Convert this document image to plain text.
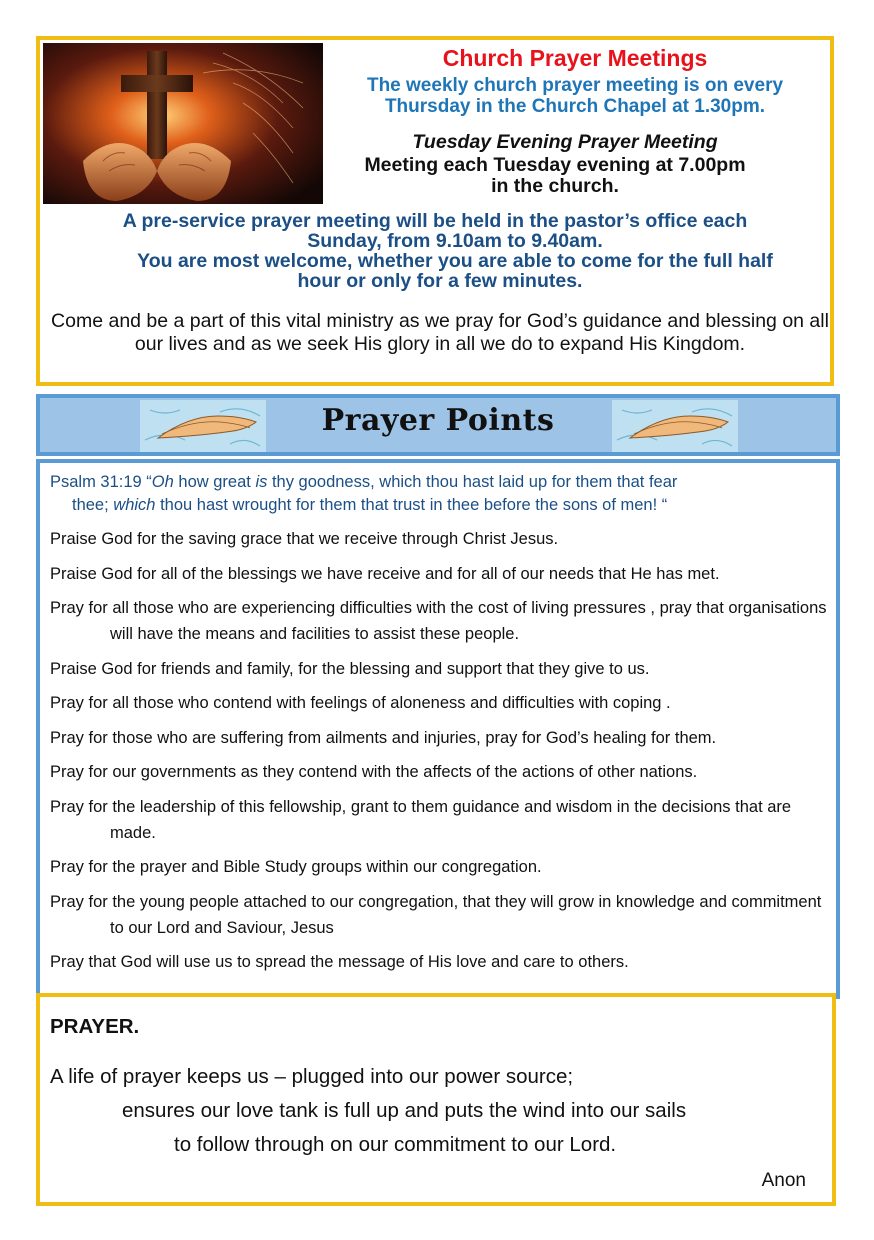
Church Prayer Meetings

The weekly church prayer meeting is on every Thursday in the Church Chapel at 1.30pm.

Tuesday Evening Prayer Meeting

Meeting each Tuesday evening at 7.00pm
in the church.
A pre-service prayer meeting will be held in the pastor’s office each
Sunday, from 9.10am to 9.40am.
You are most welcome, whether you are able to come for the full half
hour or only for a few minutes.

Come and be a part of this vital ministry as we pray for God’s guidance and blessing on all our lives and as we seek His glory in all we do to expand His Kingdom.

Prayer Points

Psalm 31:19 “Oh how great is thy goodness, which thou hast laid up for them that fear
thee; which thou hast wrought for them that trust in thee before the sons of men! “

Praise God for the saving grace that we receive through Christ Jesus.
Praise God for all of the blessings we have receive and for all of our needs that He has met.
Pray for all those who are experiencing difficulties with the cost of living pressures , pray that organisations will have the means and facilities to assist these people.
Praise God for friends and family, for the blessing and support that they give to us.
Pray for all those who contend with feelings of aloneness and difficulties with coping .
Pray for those who are suffering from ailments and injuries, pray for God’s healing for them.
Pray for our governments as they contend with the affects of the actions of other nations.
Pray for the leadership of this fellowship, grant to them guidance and wisdom in the decisions that are made.
Pray for the prayer and Bible Study groups within our congregation.
Pray for the young people attached to our congregation, that they will grow in knowledge and commitment to our Lord and Saviour, Jesus
Pray that God will use us to spread the message of His love and care to others.

PRAYER.

A life of prayer keeps us – plugged into our power source;

ensures our love tank is full up and puts the wind into our sails

to follow through on our commitment to our Lord.

Anon
